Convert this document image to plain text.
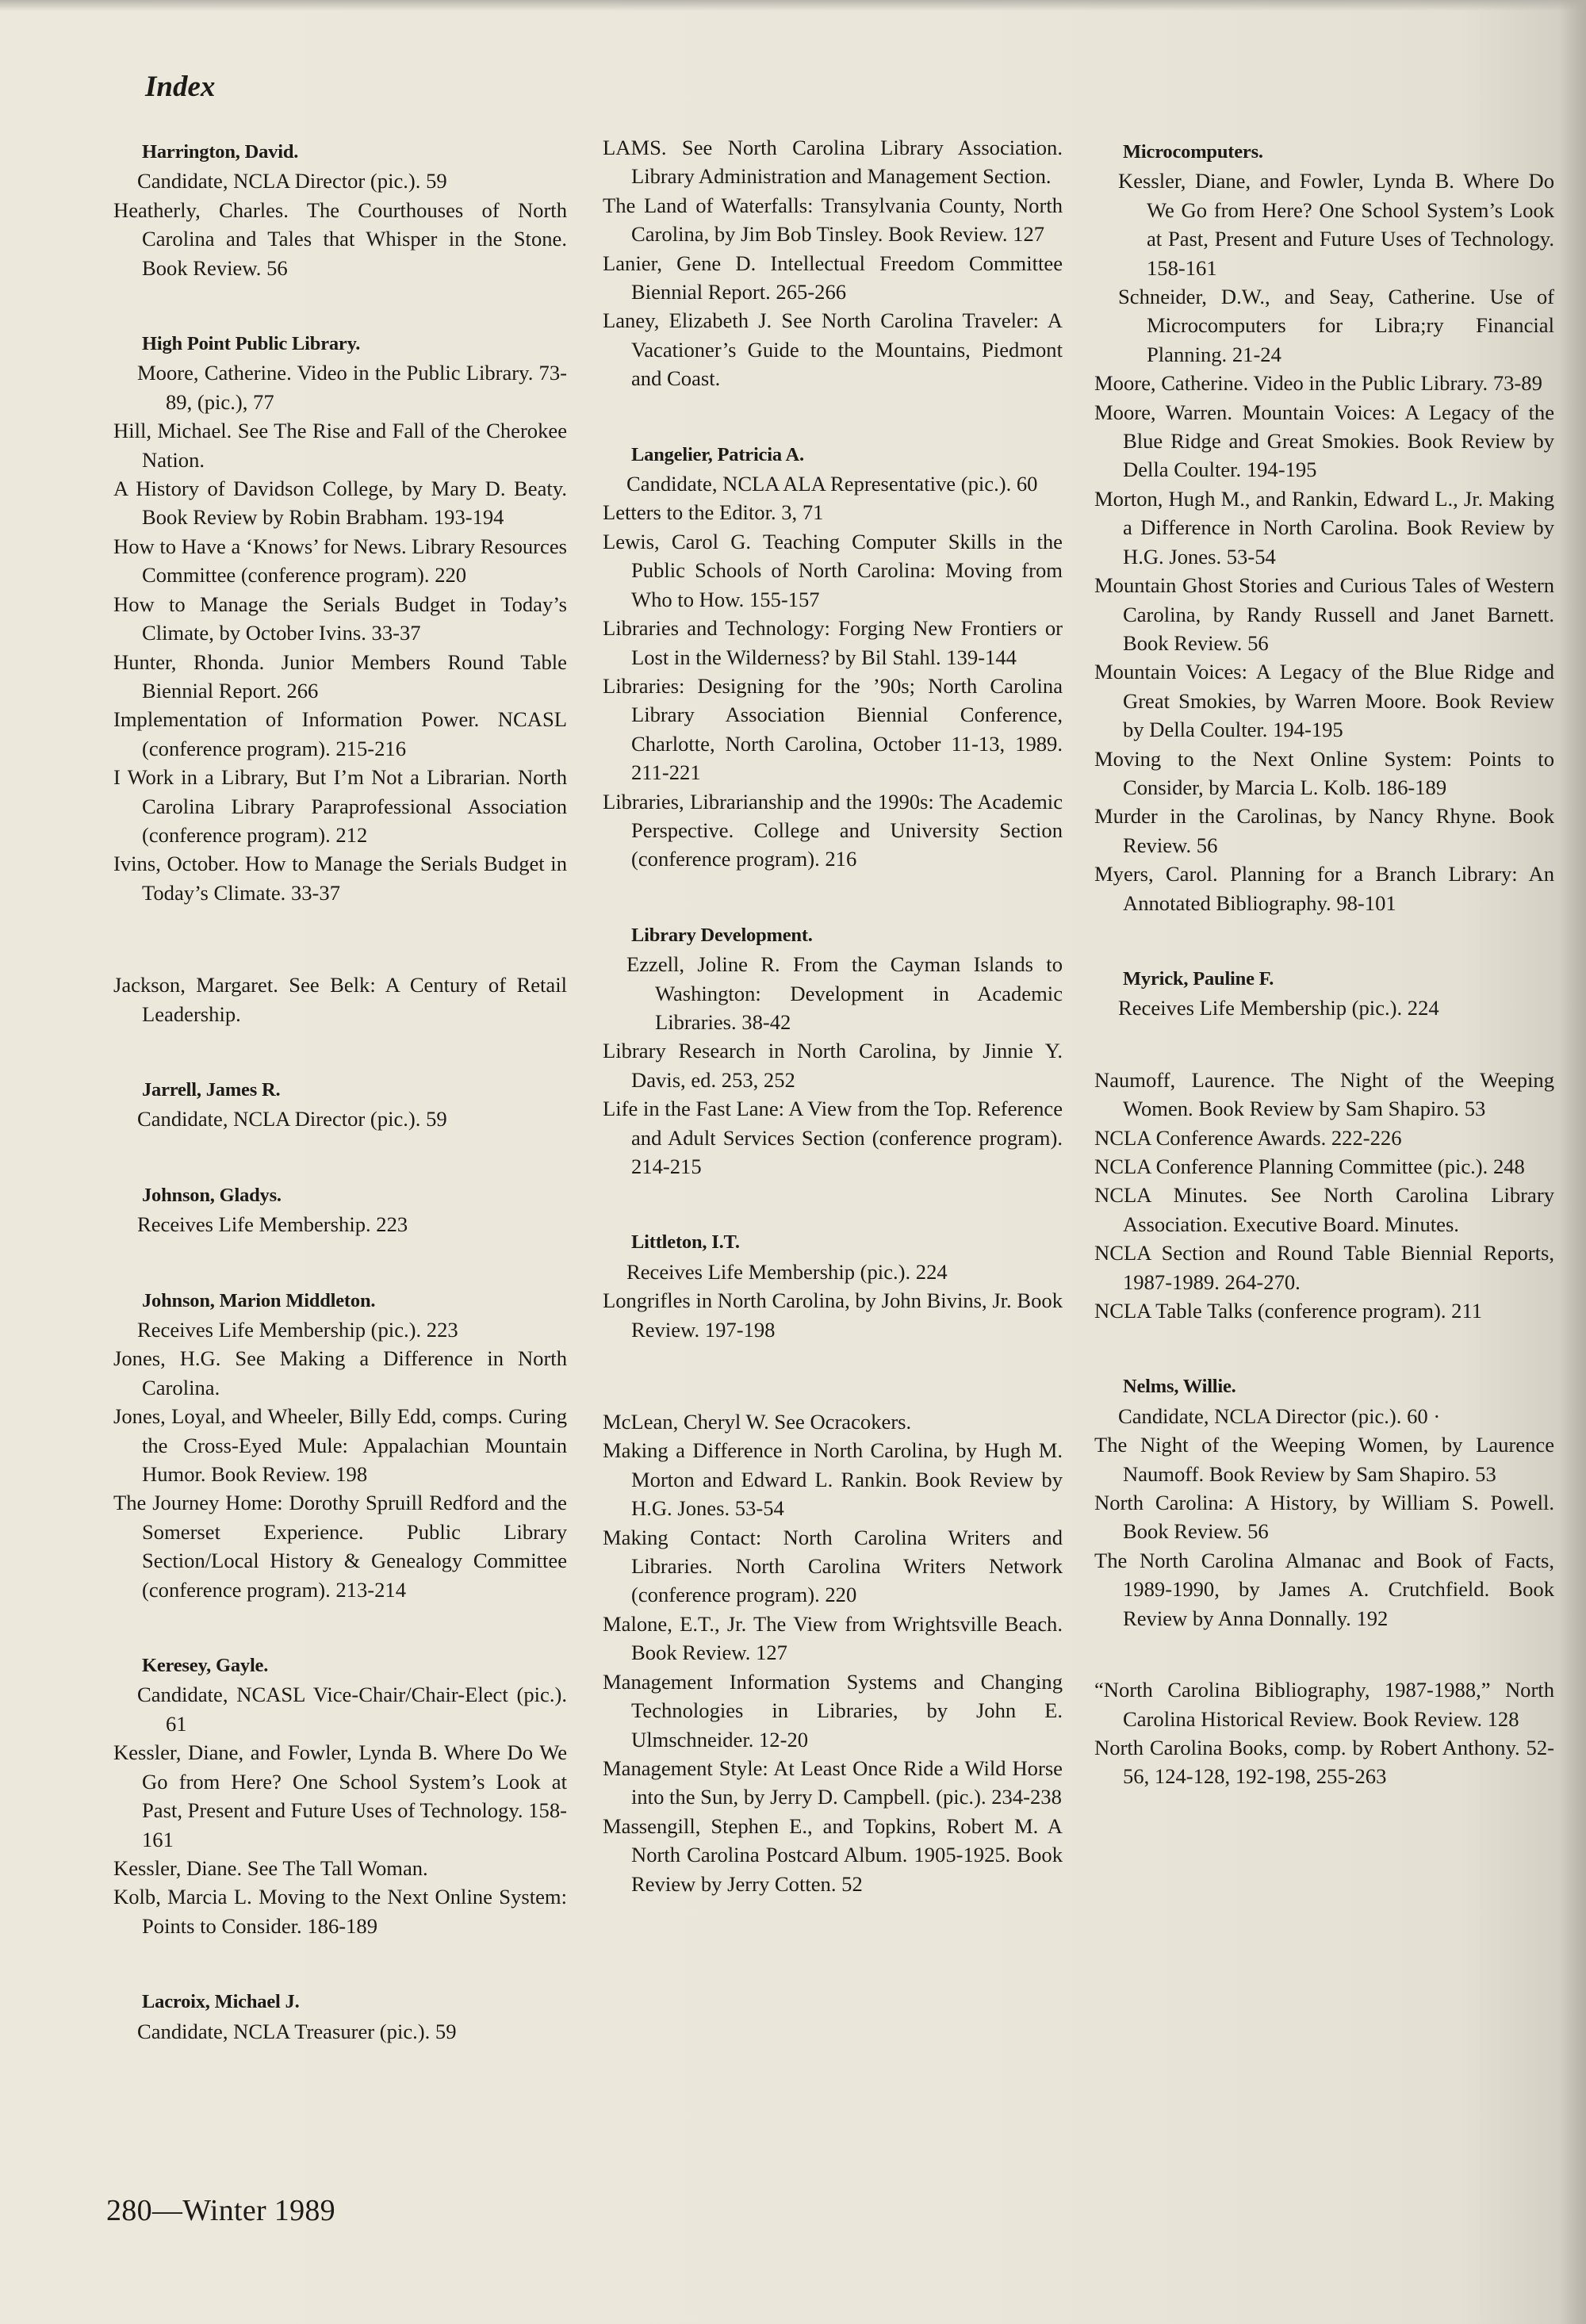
Index
Harrington, David.
Candidate, NCLA Director (pic.). 59
Heatherly, Charles. The Courthouses of North Carolina and Tales that Whisper in the Stone. Book Review. 56
High Point Public Library.
Moore, Catherine. Video in the Public Library. 73-89, (pic.), 77
Hill, Michael. See The Rise and Fall of the Cherokee Nation.
A History of Davidson College, by Mary D. Beaty. Book Review by Robin Brabham. 193-194
How to Have a ‘Knows’ for News. Library Resources Committee (conference program). 220
How to Manage the Serials Budget in Today’s Climate, by October Ivins. 33-37
Hunter, Rhonda. Junior Members Round Table Biennial Report. 266
Implementation of Information Power. NCASL (conference program). 215-216
I Work in a Library, But I’m Not a Librarian. North Carolina Library Paraprofessional Association (conference program). 212
Ivins, October. How to Manage the Serials Budget in Today’s Climate. 33-37
Jackson, Margaret. See Belk: A Century of Retail Leadership.
Jarrell, James R.
Candidate, NCLA Director (pic.). 59
Johnson, Gladys.
Receives Life Membership. 223
Johnson, Marion Middleton.
Receives Life Membership (pic.). 223
Jones, H.G. See Making a Difference in North Carolina.
Jones, Loyal, and Wheeler, Billy Edd, comps. Curing the Cross-Eyed Mule: Appalachian Mountain Humor. Book Review. 198
The Journey Home: Dorothy Spruill Redford and the Somerset Experience. Public Library Section/Local History & Genealogy Committee (conference program). 213-214
Keresey, Gayle.
Candidate, NCASL Vice-Chair/Chair-Elect (pic.). 61
Kessler, Diane, and Fowler, Lynda B. Where Do We Go from Here? One School System’s Look at Past, Present and Future Uses of Technology. 158-161
Kessler, Diane. See The Tall Woman.
Kolb, Marcia L. Moving to the Next Online System: Points to Consider. 186-189
Lacroix, Michael J.
Candidate, NCLA Treasurer (pic.). 59
LAMS. See North Carolina Library Association. Library Administration and Management Section.
The Land of Waterfalls: Transylvania County, North Carolina, by Jim Bob Tinsley. Book Review. 127
Lanier, Gene D. Intellectual Freedom Committee Biennial Report. 265-266
Laney, Elizabeth J. See North Carolina Traveler: A Vacationer’s Guide to the Mountains, Piedmont and Coast.
Langelier, Patricia A.
Candidate, NCLA ALA Representative (pic.). 60
Letters to the Editor. 3, 71
Lewis, Carol G. Teaching Computer Skills in the Public Schools of North Carolina: Moving from Who to How. 155-157
Libraries and Technology: Forging New Frontiers or Lost in the Wilderness? by Bil Stahl. 139-144
Libraries: Designing for the ’90s; North Carolina Library Association Biennial Conference, Charlotte, North Carolina, October 11-13, 1989. 211-221
Libraries, Librarianship and the 1990s: The Academic Perspective. College and University Section (conference program). 216
Library Development.
Ezzell, Joline R. From the Cayman Islands to Washington: Development in Academic Libraries. 38-42
Library Research in North Carolina, by Jinnie Y. Davis, ed. 253, 252
Life in the Fast Lane: A View from the Top. Reference and Adult Services Section (conference program). 214-215
Littleton, I.T.
Receives Life Membership (pic.). 224
Longrifles in North Carolina, by John Bivins, Jr. Book Review. 197-198
McLean, Cheryl W. See Ocracokers.
Making a Difference in North Carolina, by Hugh M. Morton and Edward L. Rankin. Book Review by H.G. Jones. 53-54
Making Contact: North Carolina Writers and Libraries. North Carolina Writers Network (conference program). 220
Malone, E.T., Jr. The View from Wrightsville Beach. Book Review. 127
Management Information Systems and Changing Technologies in Libraries, by John E. Ulmschneider. 12-20
Management Style: At Least Once Ride a Wild Horse into the Sun, by Jerry D. Campbell. (pic.). 234-238
Massengill, Stephen E., and Topkins, Robert M. A North Carolina Postcard Album. 1905-1925. Book Review by Jerry Cotten. 52
Microcomputers.
Kessler, Diane, and Fowler, Lynda B. Where Do We Go from Here? One School System’s Look at Past, Present and Future Uses of Technology. 158-161
Schneider, D.W., and Seay, Catherine. Use of Microcomputers for Libra;ry Financial Planning. 21-24
Moore, Catherine. Video in the Public Library. 73-89
Moore, Warren. Mountain Voices: A Legacy of the Blue Ridge and Great Smokies. Book Review by Della Coulter. 194-195
Morton, Hugh M., and Rankin, Edward L., Jr. Making a Difference in North Carolina. Book Review by H.G. Jones. 53-54
Mountain Ghost Stories and Curious Tales of Western Carolina, by Randy Russell and Janet Barnett. Book Review. 56
Mountain Voices: A Legacy of the Blue Ridge and Great Smokies, by Warren Moore. Book Review by Della Coulter. 194-195
Moving to the Next Online System: Points to Consider, by Marcia L. Kolb. 186-189
Murder in the Carolinas, by Nancy Rhyne. Book Review. 56
Myers, Carol. Planning for a Branch Library: An Annotated Bibliography. 98-101
Myrick, Pauline F.
Receives Life Membership (pic.). 224
Naumoff, Laurence. The Night of the Weeping Women. Book Review by Sam Shapiro. 53
NCLA Conference Awards. 222-226
NCLA Conference Planning Committee (pic.). 248
NCLA Minutes. See North Carolina Library Association. Executive Board. Minutes.
NCLA Section and Round Table Biennial Reports, 1987-1989. 264-270.
NCLA Table Talks (conference program). 211
Nelms, Willie.
Candidate, NCLA Director (pic.). 60 ·
The Night of the Weeping Women, by Laurence Naumoff. Book Review by Sam Shapiro. 53
North Carolina: A History, by William S. Powell. Book Review. 56
The North Carolina Almanac and Book of Facts, 1989-1990, by James A. Crutchfield. Book Review by Anna Donnally. 192
“North Carolina Bibliography, 1987-1988,” North Carolina Historical Review. Book Review. 128
North Carolina Books, comp. by Robert Anthony. 52-56, 124-128, 192-198, 255-263
280—Winter 1989
